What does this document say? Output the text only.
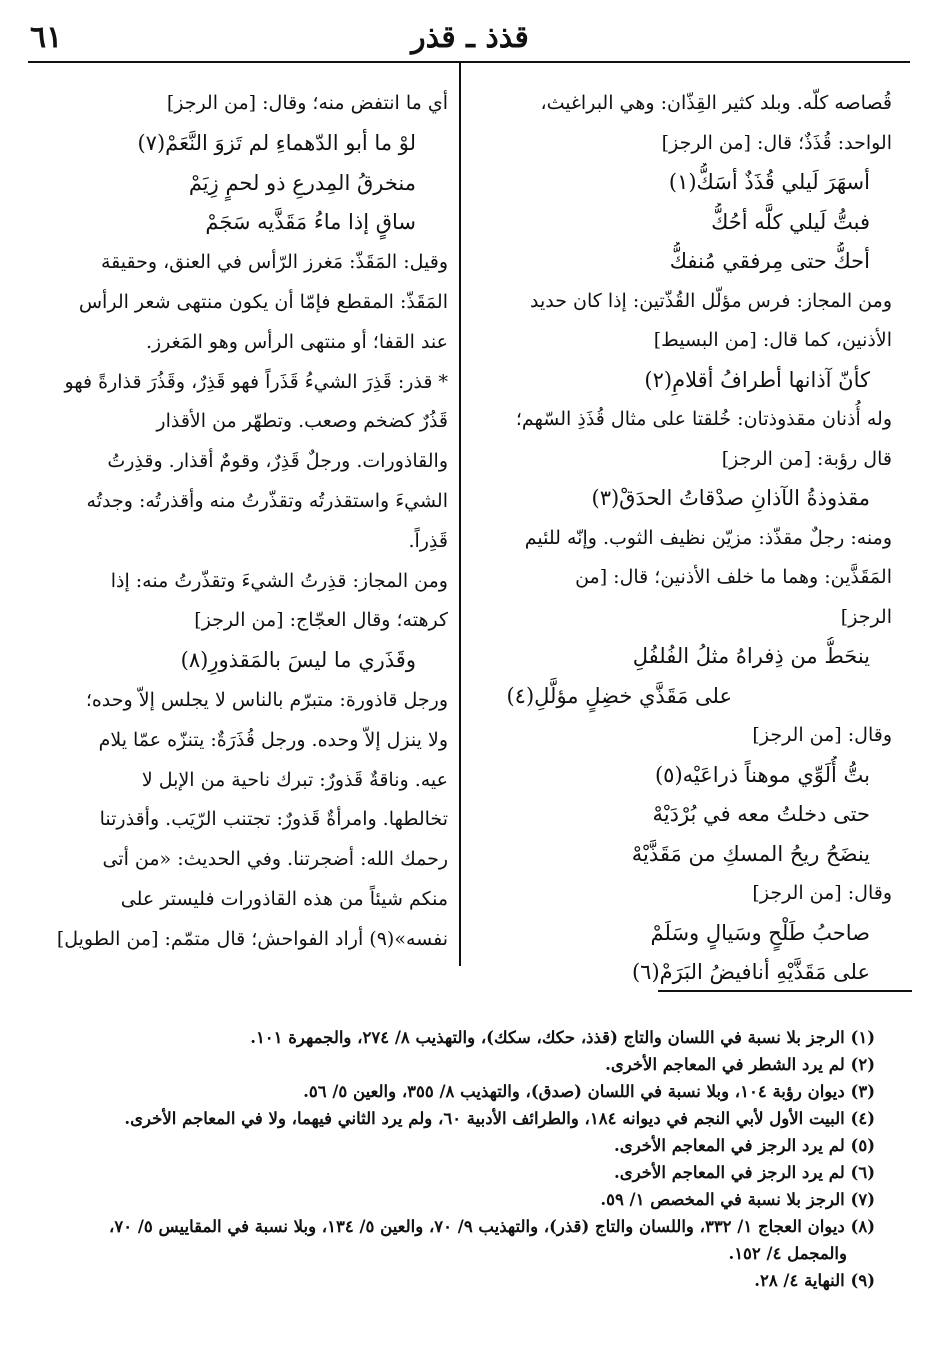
قذذ ـ قذر
٦١
قُصاصه كلّه. وبلد كثير القِذّان: وهي البراغيث،
الواحد: قُذَذٌ؛ قال: [من الرجز]
أسهَرَ لَيلي قُذَذٌ أسَكُّ(١)
فبتُّ لَيلي كلَّه أحُكُّ
أحكُّ حتى مِرفقي مُنفكُّ
ومن المجاز: فرس مؤلّل القُذّتين: إذا كان حديد
الأذنين، كما قال: [من البسيط]
كأنّ آذانها أطرافُ أقلامِ(٢)
وله أُذنان مقذوذتان: خُلقتا على مثال قُذَذِ السّهم؛
قال رؤبة: [من الرجز]
مقذوذةُ الآذانِ صدْقاتُ الحدَقْ(٣)
ومنه: رجلٌ مقذّذ: مزيّن نظيف الثوب. وإنّه للئيم
المَقَذَّين: وهما ما خلف الأذنين؛ قال: [من
الرجز]
ينحَطُّ من ذِفراهُ مثلُ الفُلفُلِ
على مَقَذَّي خضِلٍ مؤلَّلِ(٤)
وقال: [من الرجز]
بتُّ أُلَوِّي موهناً ذراعَيْه(٥)
حتى دخلتُ معه في بُرْدَيْهْ
ينضَحُ ريحُ المسكِ من مَقَذَّيْهْ
وقال: [من الرجز]
صاحبُ طَلْحٍ وسَيالٍ وسَلَمْ
على مَقَذَّيْهِ أنافيضُ البَرَمْ(٦)
أي ما انتفض منه؛ وقال: [من الرجز]
لوْ ما أبو الدّهماءِ لم تَزوَ النَّعَمْ(٧)
منخرقُ المِدرعِ ذو لحمٍ زِيَمْ
ساقٍ إذا ماءُ مَقَذَّيه سَجَمْ
وقيل: المَقَذّ: مَغرز الرّأس في العنق، وحقيقة
المَقَذّ: المقطع فإمّا أن يكون منتهى شعر الرأس
عند القفا؛ أو منتهى الرأس وهو المَغرز.
* قذر: قَذِرَ الشيءُ قَذَراً فهو قَذِرٌ، وقَذُرَ قذارةً فهو
قَذُرٌ كضخم وصعب. وتطهّر من الأقذار
والقاذورات. ورجلٌ قَذِرٌ، وقومٌ أقذار. وقذِرتُ
الشيءَ واستقذرتُه وتقذّرتُ منه وأقذرتُه: وجدتُه
قَذِراً.
ومن المجاز: قذِرتُ الشيءَ وتقذّرتُ منه: إذا
كرهته؛ وقال العجّاج: [من الرجز]
وقَذَري ما ليسَ بالمَقذورِ(٨)
ورجل قاذورة: متبرّم بالناس لا يجلس إلاّ وحده؛
ولا ينزل إلاّ وحده. ورجل قُذَرَةٌ: يتنزّه عمّا يلام
عيه. وناقةٌ قَذورٌ: تبرك ناحية من الإبل لا
تخالطها. وامرأةٌ قَذورٌ: تجتنب الرّيَب. وأقذرتنا
رحمك الله: أضجرتنا. وفي الحديث: «من أتى
منكم شيئاً من هذه القاذورات فليستر على
نفسه»(٩) أراد الفواحش؛ قال متمّم: [من الطويل]
(١) الرجز بلا نسبة في اللسان والتاج (قذذ، حكك، سكك)، والتهذيب ٨/ ٢٧٤، والجمهرة ١٠١.
(٢) لم يرد الشطر في المعاجم الأخرى.
(٣) ديوان رؤبة ١٠٤، وبلا نسبة في اللسان (صدق)، والتهذيب ٨/ ٣٥٥، والعين ٥/ ٥٦.
(٤) البيت الأول لأبي النجم في ديوانه ١٨٤، والطرائف الأدبية ٦٠، ولم يرد الثاني فيهما، ولا في المعاجم الأخرى.
(٥) لم يرد الرجز في المعاجم الأخرى.
(٦) لم يرد الرجز في المعاجم الأخرى.
(٧) الرجز بلا نسبة في المخصص ١/ ٥٩.
(٨) ديوان العجاج ١/ ٣٣٢، واللسان والتاج (قذر)، والتهذيب ٩/ ٧٠، والعين ٥/ ١٣٤، وبلا نسبة في المقاييس ٥/ ٧٠،
والمجمل ٤/ ١٥٢.
(٩) النهاية ٤/ ٢٨.
